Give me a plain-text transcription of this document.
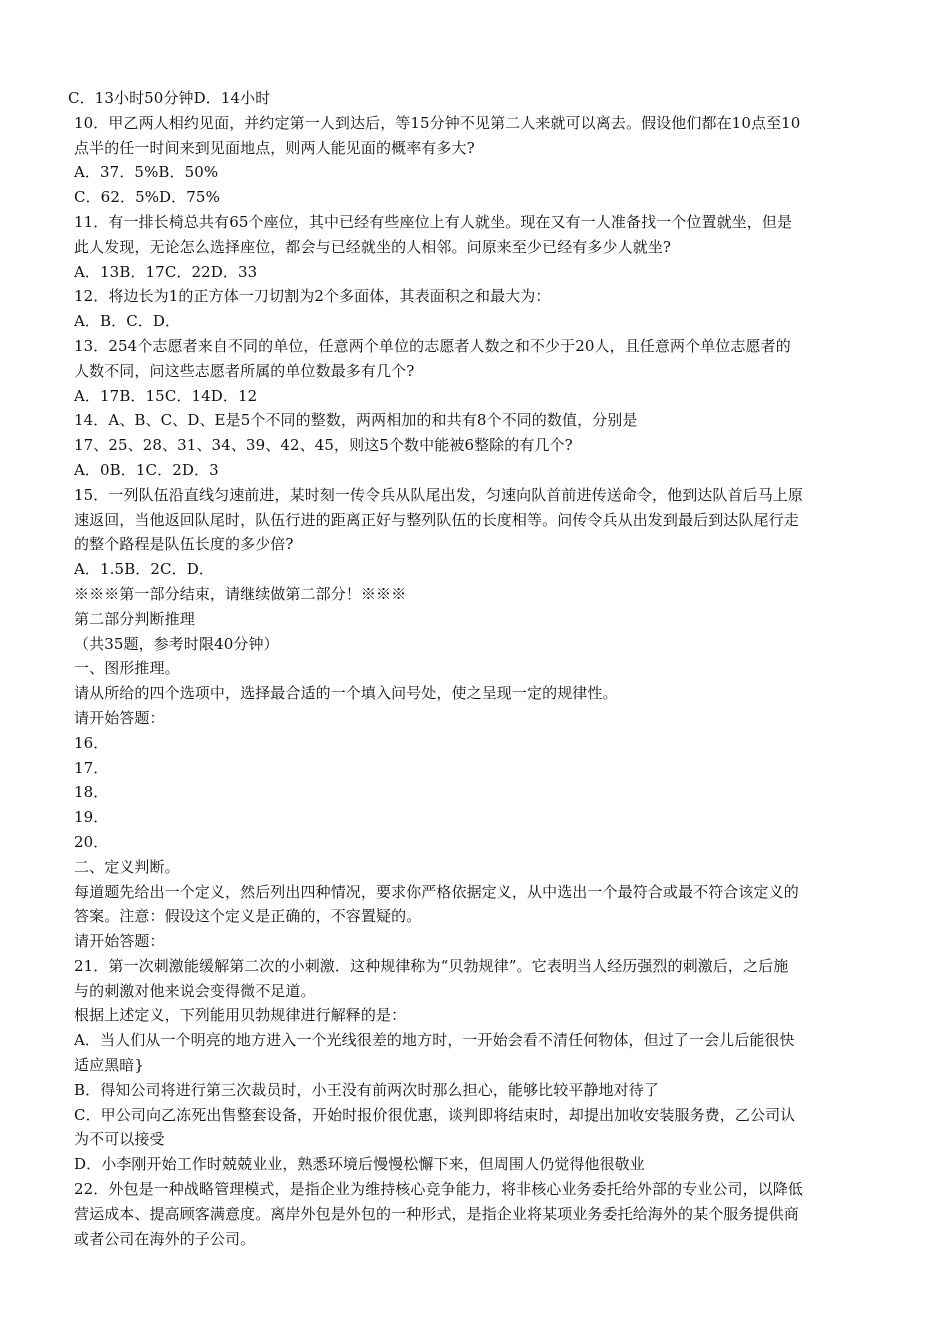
C．13小时50分钟D．14小时
10．甲乙两人相约见面，并约定第一人到达后，等15分钟不见第二人来就可以离去。假设他们都在10点至10
点半的任一时间来到见面地点，则两人能见面的概率有多大?
A．37．5%B．50%
C．62．5%D．75%
11．有一排长椅总共有65个座位，其中已经有些座位上有人就坐。现在又有一人准备找一个位置就坐，但是
此人发现，无论怎么选择座位，都会与已经就坐的人相邻。问原来至少已经有多少人就坐?
A．13B．17C．22D．33
12．将边长为1的正方体一刀切割为2个多面体，其表面积之和最大为：
A．B．C．D．
13．254个志愿者来自不同的单位，任意两个单位的志愿者人数之和不少于20人，且任意两个单位志愿者的
人数不同，问这些志愿者所属的单位数最多有几个?
A．17B．15C．14D．12
14．A、B、C、D、E是5个不同的整数，两两相加的和共有8个不同的数值，分别是
17、25、28、31、34、39、42、45，则这5个数中能被6整除的有几个?
A．0B．1C．2D．3
15．一列队伍沿直线匀速前进，某时刻一传令兵从队尾出发，匀速向队首前进传送命令，他到达队首后马上原
速返回，当他返回队尾时，队伍行进的距离正好与整列队伍的长度相等。问传令兵从出发到最后到达队尾行走
的整个路程是队伍长度的多少倍?
A．1.5B．2C．D．
※※※第一部分结束，请继续做第二部分！※※※
第二部分判断推理
（共35题，参考时限40分钟）
一、图形推理。
请从所给的四个选项中，选择最合适的一个填入问号处，使之呈现一定的规律性。
请开始答题：
16．
17．
18．
19．
20．
二、定义判断。
每道题先给出一个定义，然后列出四种情况，要求你严格依据定义，从中选出一个最符合或最不符合该定义的
答案。注意：假设这个定义是正确的，不容置疑的。
请开始答题：
21．第一次刺激能缓解第二次的小刺激．这种规律称为“贝勃规律”。它表明当人经历强烈的刺激后，之后施
与的刺激对他来说会变得微不足道。
根据上述定义，下列能用贝勃规律进行解释的是：
A．当人们从一个明亮的地方进入一个光线很差的地方时，一开始会看不清任何物体，但过了一会儿后能很快
适应黑暗}
B．得知公司将进行第三次裁员时，小王没有前两次时那么担心，能够比较平静地对待了
C．甲公司向乙冻死出售整套设备，开始时报价很优惠，谈判即将结束时，却提出加收安装服务费，乙公司认
为不可以接受
D．小李刚开始工作时兢兢业业，熟悉环境后慢慢松懈下来，但周围人仍觉得他很敬业
22．外包是一种战略管理模式，是指企业为维持核心竞争能力，将非核心业务委托给外部的专业公司，以降低
营运成本、提高顾客满意度。离岸外包是外包的一种形式，是指企业将某项业务委托给海外的某个服务提供商
或者公司在海外的子公司。
